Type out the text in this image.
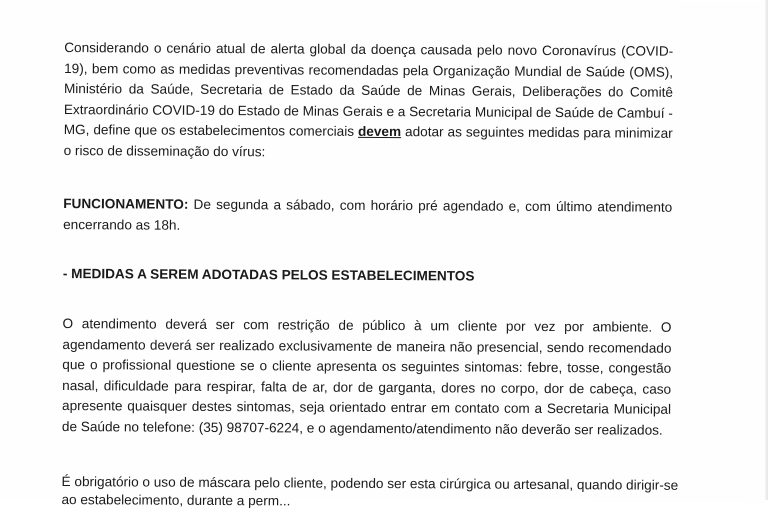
Considerando o cenário atual de alerta global da doença causada pelo novo Coronavírus (COVID-19), bem como as medidas preventivas recomendadas pela Organização Mundial de Saúde (OMS), Ministério da Saúde, Secretaria de Estado da Saúde de Minas Gerais, Deliberações do Comitê Extraordinário COVID-19 do Estado de Minas Gerais e a Secretaria Municipal de Saúde de Cambuí - MG, define que os estabelecimentos comerciais devem adotar as seguintes medidas para minimizar o risco de disseminação do vírus:

FUNCIONAMENTO: De segunda a sábado, com horário pré agendado e, com último atendimento encerrando as 18h.

- MEDIDAS A SEREM ADOTADAS PELOS ESTABELECIMENTOS

O atendimento deverá ser com restrição de público à um cliente por vez por ambiente. O agendamento deverá ser realizado exclusivamente de maneira não presencial, sendo recomendado que o profissional questione se o cliente apresenta os seguintes sintomas: febre, tosse, congestão nasal, dificuldade para respirar, falta de ar, dor de garganta, dores no corpo, dor de cabeça, caso apresente quaisquer destes sintomas, seja orientado entrar em contato com a Secretaria Municipal de Saúde no telefone: (35) 98707-6224, e o agendamento/atendimento não deverão ser realizados.

É obrigatório o uso de máscara pelo cliente, podendo ser esta cirúrgica ou artesanal, quando dirigir-se

ao estabelecimento, durante a perm...
